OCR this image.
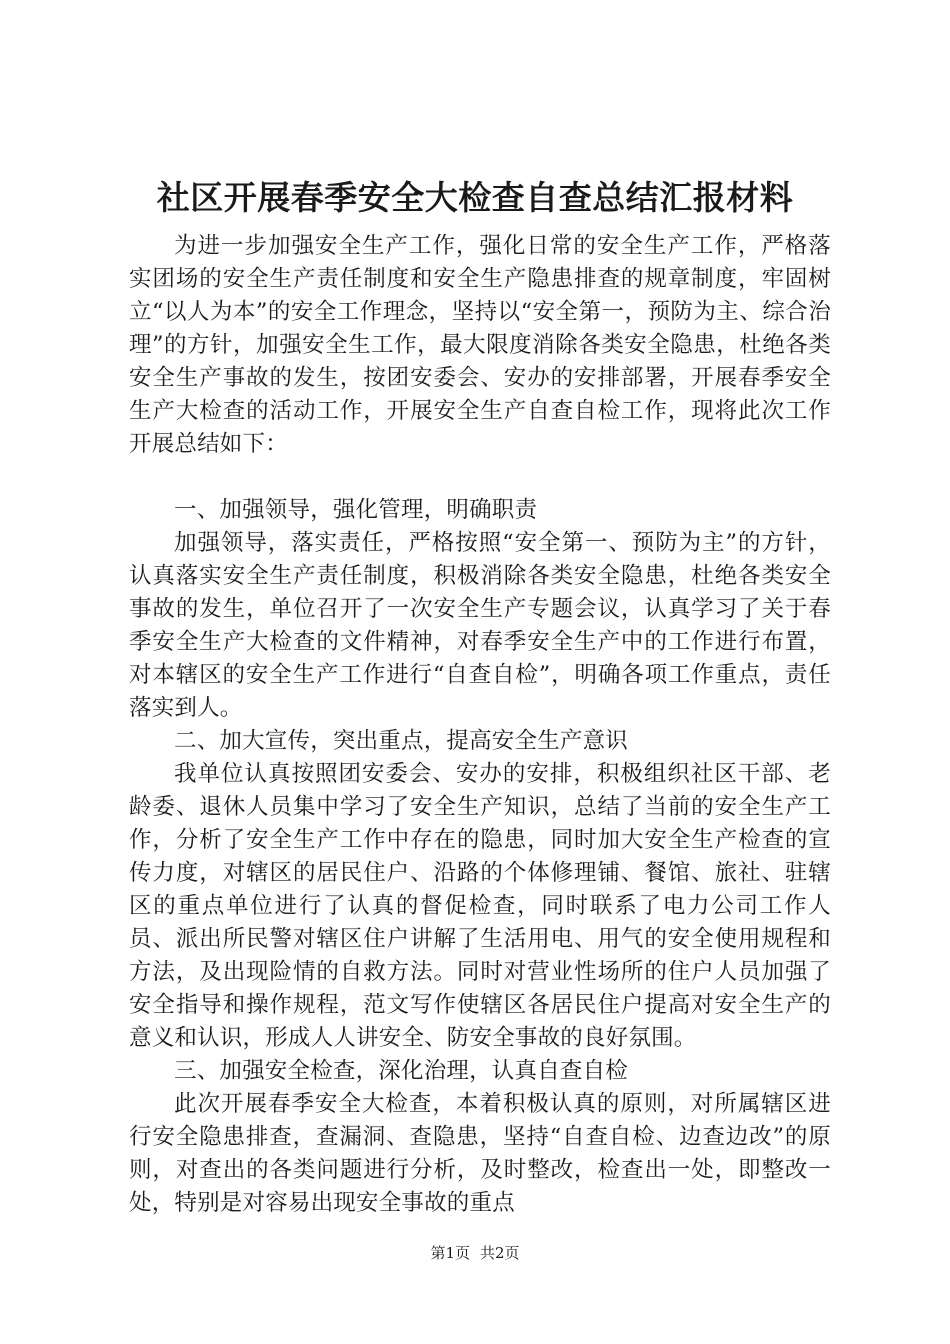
社区开展春季安全大检查自查总结汇报材料

为进一步加强安全生产工作，强化日常的安全生产工作，严格落实团场的安全生产责任制度和安全生产隐患排查的规章制度，牢固树立“以人为本”的安全工作理念，坚持以“安全第一，预防为主、综合治理”的方针，加强安全生工作，最大限度消除各类安全隐患，杜绝各类安全生产事故的发生，按团安委会、安办的安排部署，开展春季安全生产大检查的活动工作，开展安全生产自查自检工作，现将此次工作开展总结如下：

一、加强领导，强化管理，明确职责

加强领导，落实责任，严格按照“安全第一、预防为主”的方针，认真落实安全生产责任制度，积极消除各类安全隐患，杜绝各类安全事故的发生，单位召开了一次安全生产专题会议，认真学习了关于春季安全生产大检查的文件精神，对春季安全生产中的工作进行布置，对本辖区的安全生产工作进行“自查自检”，明确各项工作重点，责任落实到人。

二、加大宣传，突出重点，提高安全生产意识

我单位认真按照团安委会、安办的安排，积极组织社区干部、老龄委、退休人员集中学习了安全生产知识，总结了当前的安全生产工作，分析了安全生产工作中存在的隐患，同时加大安全生产检查的宣传力度，对辖区的居民住户、沿路的个体修理铺、餐馆、旅社、驻辖区的重点单位进行了认真的督促检查，同时联系了电力公司工作人员、派出所民警对辖区住户讲解了生活用电、用气的安全使用规程和方法，及出现险情的自救方法。同时对营业性场所的住户人员加强了安全指导和操作规程，范文写作使辖区各居民住户提高对安全生产的意义和认识，形成人人讲安全、防安全事故的良好氛围。

三、加强安全检查，深化治理，认真自查自检

此次开展春季安全大检查，本着积极认真的原则，对所属辖区进行安全隐患排查，查漏洞、查隐患，坚持“自查自检、边查边改”的原则，对查出的各类问题进行分析，及时整改，检查出一处，即整改一处，特别是对容易出现安全事故的重点

第1页 共2页
